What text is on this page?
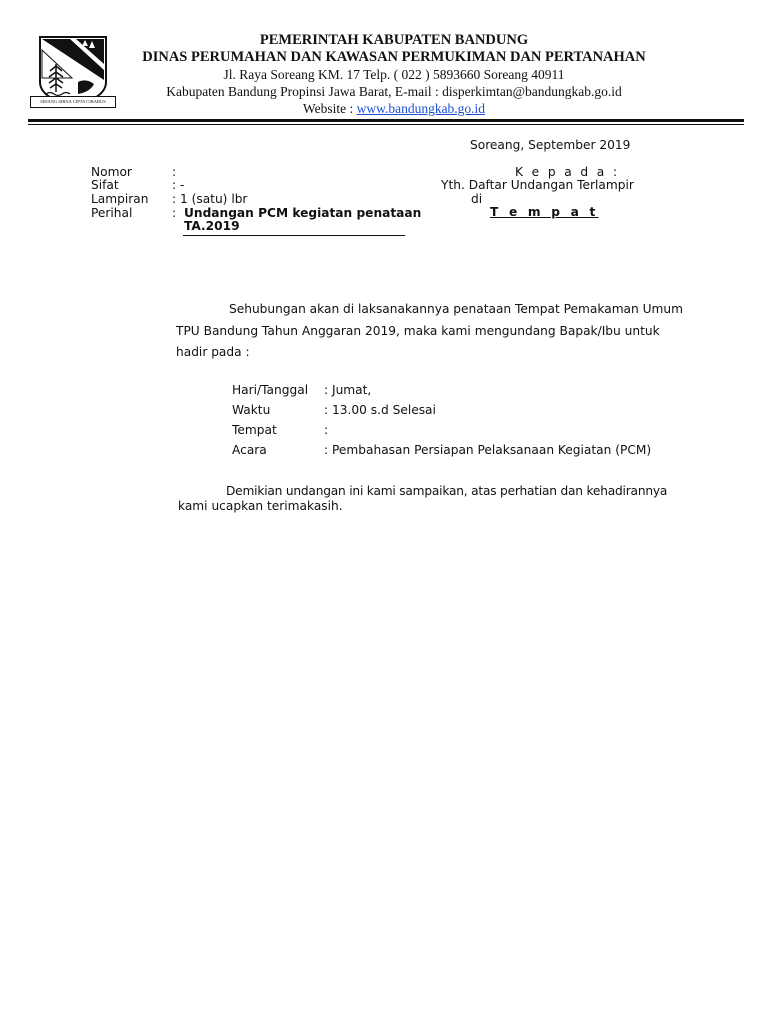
SIDANG SIRNA CIPTA CIBARUS
PEMERINTAH KABUPATEN BANDUNG
DINAS PERUMAHAN DAN KAWASAN PERMUKIMAN DAN PERTANAHAN
Jl. Raya Soreang KM. 17 Telp. ( 022 ) 5893660 Soreang 40911
Kabupaten Bandung Propinsi Jawa Barat, E-mail : disperkimtan@bandungkab.go.id
Website : www.bandungkab.go.id
Soreang, September 2019
Nomor	:
Sifat	: -
Lampiran : 1 (satu) lbr
Perihal	: Undangan PCM kegiatan penataan
TA.2019
K e p a d a :
Yth. Daftar Undangan Terlampir
di
T e m p a t
Sehubungan akan di laksanakannya penataan Tempat Pemakaman Umum
TPU Bandung Tahun Anggaran 2019, maka kami mengundang Bapak/Ibu untuk
hadir pada :
Hari/Tanggal : Jumat,
Waktu	: 13.00 s.d Selesai
Tempat	:
Acara	: Pembahasan Persiapan Pelaksanaan Kegiatan (PCM)
Demikian undangan ini kami sampaikan, atas perhatian dan kehadirannya
kami ucapkan terimakasih.
